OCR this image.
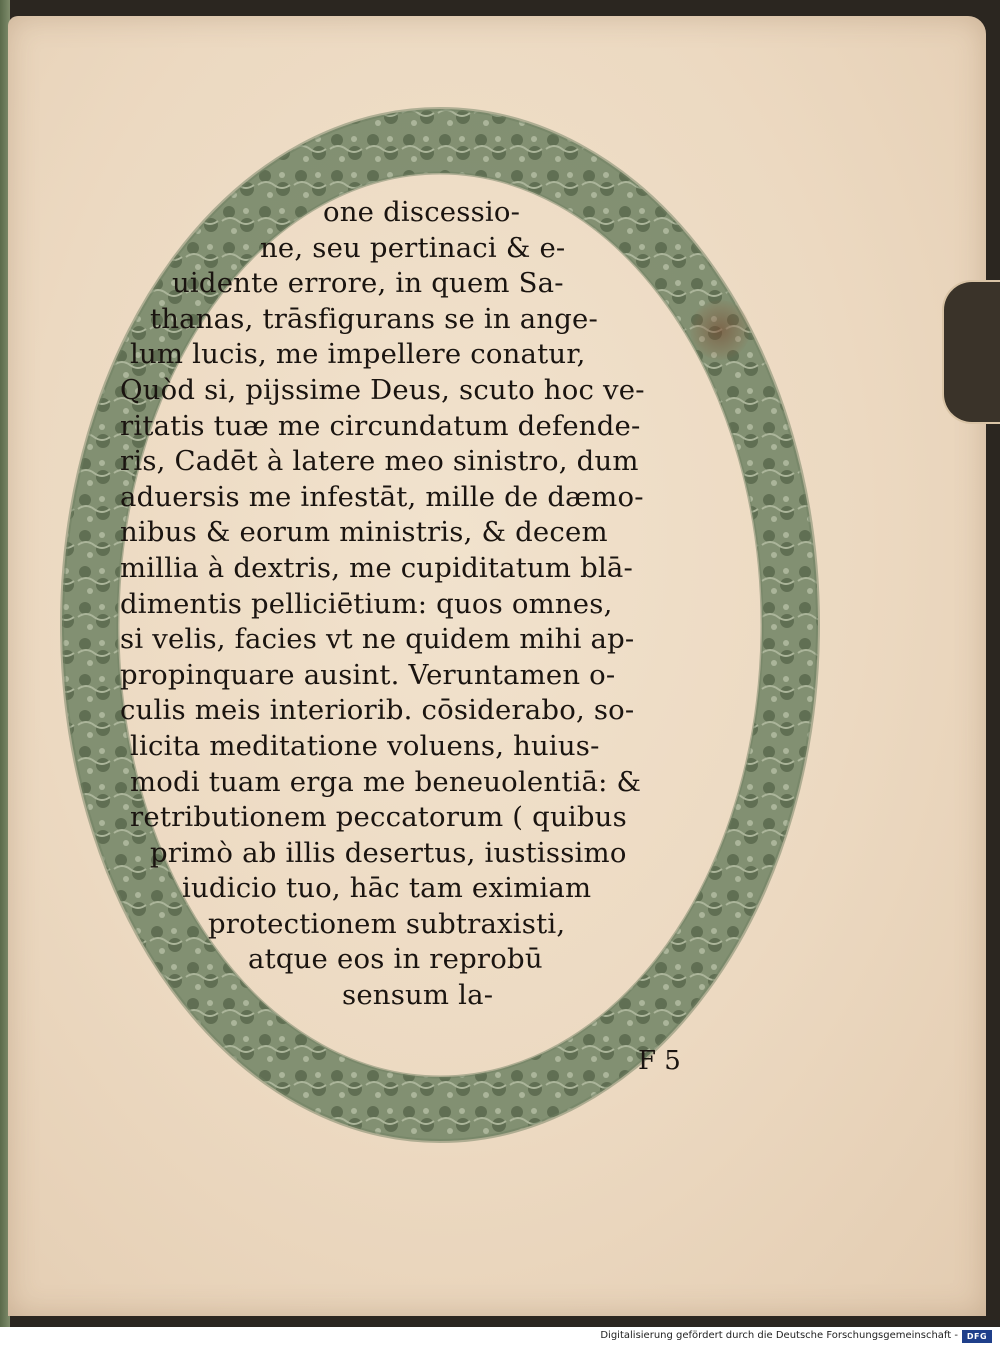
one discessio-
ne, seu pertinaci & e-
uidente errore, in quem Sa-
thanas, trāsfigurans se in ange-
lum lucis, me impellere conatur,
Quòd si, pijssime Deus, scuto hoc ve-
ritatis tuæ me circundatum defende-
ris, Cadēt à latere meo sinistro, dum
aduersis me infestāt, mille de dæmo-
nibus & eorum ministris, & decem
millia à dextris, me cupiditatum blā-
dimentis pelliciētium: quos omnes,
si velis, facies vt ne quidem mihi ap-
propinquare ausint. Veruntamen o-
culis meis interiorib. cōsiderabo, so-
licita meditatione voluens, huius-
modi tuam erga me beneuolentiā: &
retributionem peccatorum ( quibus
primò ab illis desertus, iustissimo
iudicio tuo, hāc tam eximiam
protectionem subtraxisti,
atque eos in reprobū
sensum la-
F 5
Digitalisierung gefördert durch die Deutsche Forschungsgemeinschaft -	DFG
